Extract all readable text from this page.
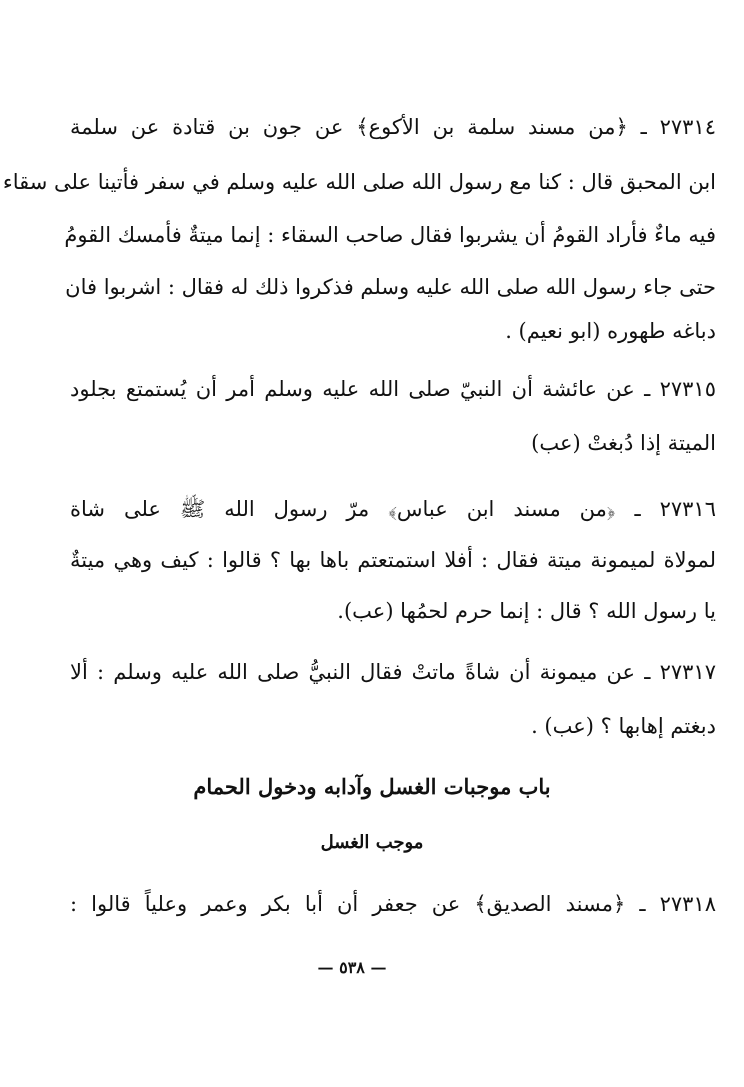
٢٧٣١٤ ـ ﴿من مسند سلمة بن الأكوع﴾ عن جون بن قتادة عن سلمة
ابن المحبق قال : كنا مع رسول الله صلى الله عليه وسلم في سفر فأتينا على سقاء
فيه ماءٌ فأراد القومُ أن يشربوا فقال صاحب السقاء : إنما ميتةٌ فأمسك القومُ
حتى جاء رسول الله صلى الله عليه وسلم فذكروا ذلك له فقال : اشربوا فان
دباغه طهوره (ابو نعيم) .
٢٧٣١٥ ـ عن عائشة أن النبيّ صلى الله عليه وسلم أمر أن يُستمتع بجلود
الميتة إذا دُبغتْ (عب)
٢٧٣١٦ ـ ﴿من مسند ابن عباس﴾ مرّ رسول الله ﷺ على شاة
لمولاة لميمونة ميتة فقال : أفلا استمتعتم باها بها ؟ قالوا : كيف وهي ميتةٌ
يا رسول الله ؟ قال : إنما حرم لحمُها (عب).
٢٧٣١٧ ـ عن ميمونة أن شاةً ماتتْ فقال النبيُّ صلى الله عليه وسلم : ألا
دبغتم إهابها ؟ (عب) .
باب موجبات الغسل وآدابه ودخول الحمام
موجب الغسل
٢٧٣١٨ ـ ﴿مسند الصديق﴾ عن جعفر أن أبا بكر وعمر وعلياً قالوا :
— ٥٣٨ —
